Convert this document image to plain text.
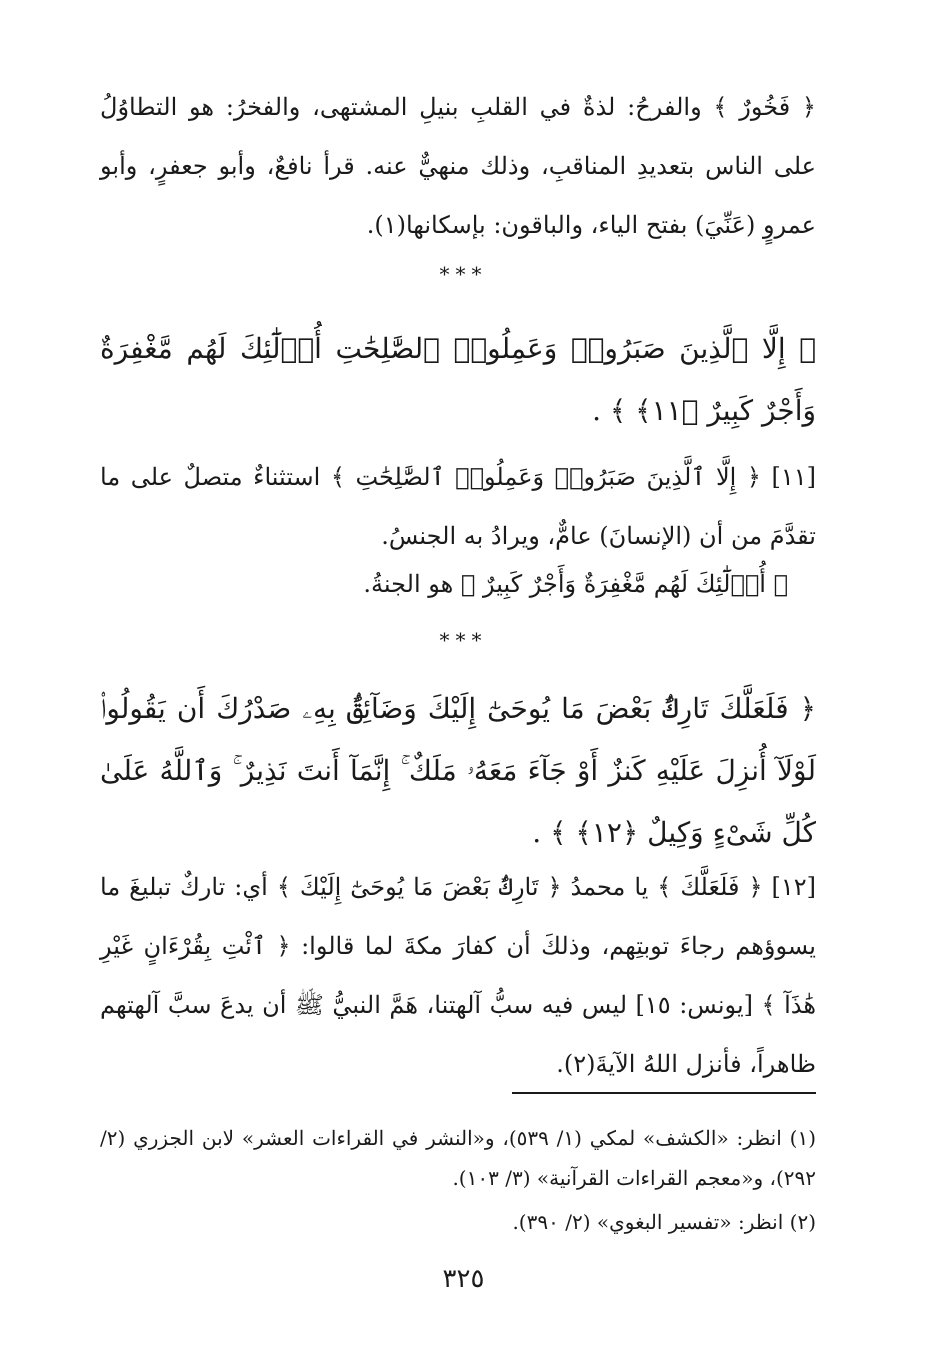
﴿ فَخُورٌ ﴾ والفرحُ: لذةٌ في القلبِ بنيلِ المشتهى، والفخرُ: هو التطاوُلُ على الناس بتعديدِ المناقبِ، وذلك منهيٌّ عنه. قرأ نافعٌ، وأبو جعفرٍ، وأبو عمروٍ (عَنِّيَ) بفتح الياء، والباقون: بإسكانها(١).

***

﴿ إِلَّا ٱلَّذِينَ صَبَرُوا۟ وَعَمِلُوا۟ ٱلصَّٰلِحَٰتِ أُو۟لَٰٓئِكَ لَهُم مَّغْفِرَةٌ وَأَجْرٌ كَبِيرٌ ﴿١١﴾ ﴾ .

[١١] ﴿ إِلَّا ٱلَّذِينَ صَبَرُوا۟ وَعَمِلُوا۟ ٱلصَّٰلِحَٰتِ ﴾ استثناءٌ متصلٌ على ما تقدَّمَ من أن (الإنسانَ) عامٌّ، ويرادُ به الجنسُ.

﴿ أُو۟لَٰٓئِكَ لَهُم مَّغْفِرَةٌ وَأَجْرٌ كَبِيرٌ ﴾ هو الجنةُ.

***

﴿ فَلَعَلَّكَ تَارِكٌۢ بَعْضَ مَا يُوحَىٰٓ إِلَيْكَ وَضَآئِقٌۢ بِهِۦ صَدْرُكَ أَن يَقُولُوا۟ لَوْلَآ أُنزِلَ عَلَيْهِ كَنزٌ أَوْ جَآءَ مَعَهُۥ مَلَكٌ ۚ إِنَّمَآ أَنتَ نَذِيرٌ ۚ وَٱللَّهُ عَلَىٰ كُلِّ شَىْءٍ وَكِيلٌ ﴿١٢﴾ ﴾ .

[١٢] ﴿ فَلَعَلَّكَ ﴾ يا محمدُ ﴿ تَارِكٌۢ بَعْضَ مَا يُوحَىٰٓ إِلَيْكَ ﴾ أي: تاركٌ تبليغَ ما يسوؤهم رجاءَ توبتِهم، وذلكَ أن كفارَ مكةَ لما قالوا: ﴿ ٱئْتِ بِقُرْءَانٍ غَيْرِ هَٰذَآ ﴾ [يونس: ١٥] ليس فيه سبُّ آلهتنا، هَمَّ النبيُّ ﷺ أن يدعَ سبَّ آلهتهم ظاهراً، فأنزل اللهُ الآيةَ(٢).

(١) انظر: «الكشف» لمكي (١/ ٥٣٩)، و«النشر في القراءات العشر» لابن الجزري (٢/ ٢٩٢)، و«معجم القراءات القرآنية» (٣/ ١٠٣).

(٢) انظر: «تفسير البغوي» (٢/ ٣٩٠).

٣٢٥
